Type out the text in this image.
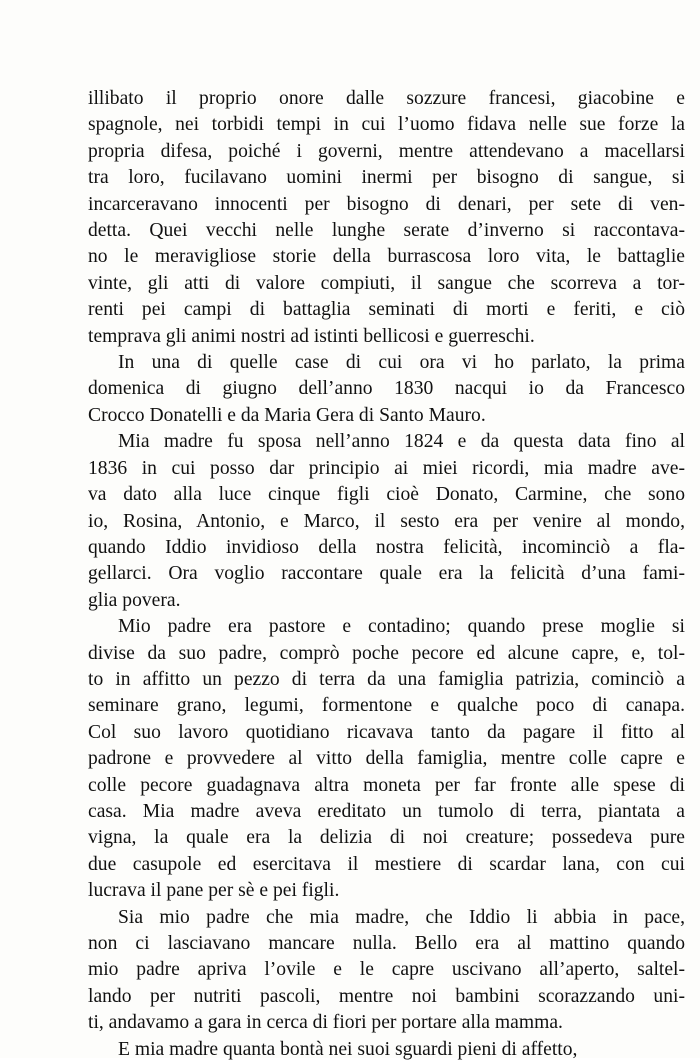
illibato il proprio onore dalle sozzure francesi, giacobine e
spagnole, nei torbidi tempi in cui l’uomo fidava nelle sue forze la
propria difesa, poiché i governi, mentre attendevano a macellarsi
tra loro, fucilavano uomini inermi per bisogno di sangue, si
incarceravano innocenti per bisogno di denari, per sete di ven-
detta. Quei vecchi nelle lunghe serate d’inverno si raccontava-
no le meravigliose storie della burrascosa loro vita, le battaglie
vinte, gli atti di valore compiuti, il sangue che scorreva a tor-
renti pei campi di battaglia seminati di morti e feriti, e ciò
temprava gli animi nostri ad istinti bellicosi e guerreschi.
In una di quelle case di cui ora vi ho parlato, la prima
domenica di giugno dell’anno 1830 nacqui io da Francesco
Crocco Donatelli e da Maria Gera di Santo Mauro.
Mia madre fu sposa nell’anno 1824 e da questa data fino al
1836 in cui posso dar principio ai miei ricordi, mia madre ave-
va dato alla luce cinque figli cioè Donato, Carmine, che sono
io, Rosina, Antonio, e Marco, il sesto era per venire al mondo,
quando Iddio invidioso della nostra felicità, incominciò a fla-
gellarci. Ora voglio raccontare quale era la felicità d’una fami-
glia povera.
Mio padre era pastore e contadino; quando prese moglie si
divise da suo padre, comprò poche pecore ed alcune capre, e, tol-
to in affitto un pezzo di terra da una famiglia patrizia, cominciò a
seminare grano, legumi, formentone e qualche poco di canapa.
Col suo lavoro quotidiano ricavava tanto da pagare il fitto al
padrone e provvedere al vitto della famiglia, mentre colle capre e
colle pecore guadagnava altra moneta per far fronte alle spese di
casa. Mia madre aveva ereditato un tumolo di terra, piantata a
vigna, la quale era la delizia di noi creature; possedeva pure
due casupole ed esercitava il mestiere di scardar lana, con cui
lucrava il pane per sè e pei figli.
Sia mio padre che mia madre, che Iddio li abbia in pace,
non ci lasciavano mancare nulla. Bello era al mattino quando
mio padre apriva l’ovile e le capre uscivano all’aperto, saltel-
lando per nutriti pascoli, mentre noi bambini scorazzando uni-
ti, andavamo a gara in cerca di fiori per portare alla mamma.
E mia madre quanta bontà nei suoi sguardi pieni di affetto,
